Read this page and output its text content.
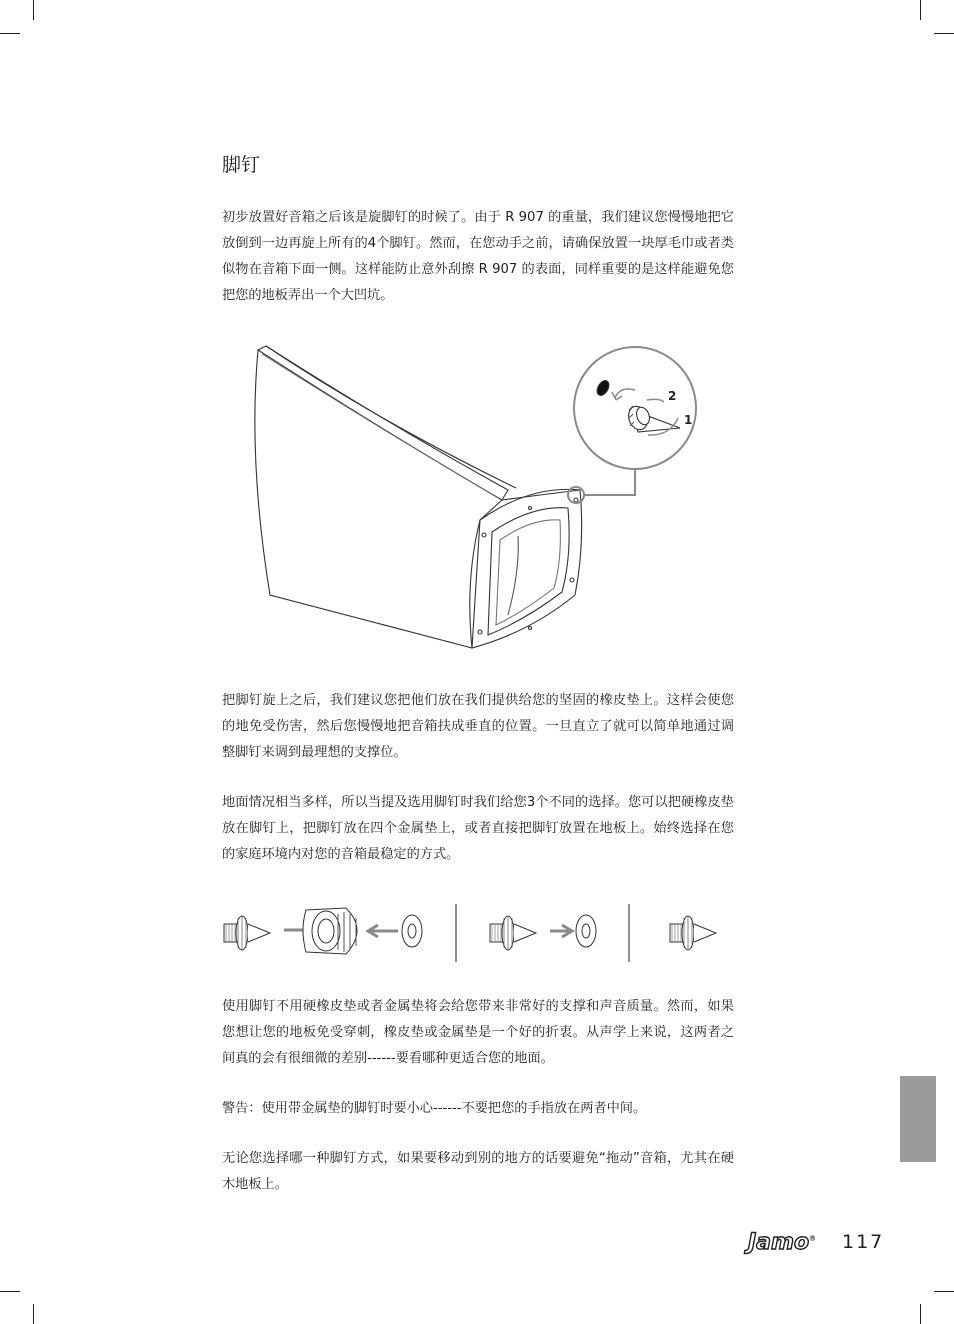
脚钉

初步放置好音箱之后该是旋脚钉的时候了。由于 R 907 的重量，我们建议您慢慢地把它放倒到一边再旋上所有的4个脚钉。然而，在您动手之前，请确保放置一块厚毛巾或者类似物在音箱下面一侧。这样能防止意外刮擦 R 907 的表面，同样重要的是这样能避免您把您的地板弄出一个大凹坑。

2
1

把脚钉旋上之后，我们建议您把他们放在我们提供给您的坚固的橡皮垫上。这样会使您的地免受伤害，然后您慢慢地把音箱扶成垂直的位置。一旦直立了就可以简单地通过调整脚钉来调到最理想的支撑位。

地面情况相当多样，所以当提及选用脚钉时我们给您3个不同的选择。您可以把硬橡皮垫放在脚钉上，把脚钉放在四个金属垫上，或者直接把脚钉放置在地板上。始终选择在您的家庭环境内对您的音箱最稳定的方式。

使用脚钉不用硬橡皮垫或者金属垫将会给您带来非常好的支撑和声音质量。然而，如果您想让您的地板免受穿刺，橡皮垫或金属垫是一个好的折衷。从声学上来说，这两者之间真的会有很细微的差别------要看哪种更适合您的地面。

警告：使用带金属垫的脚钉时要小心------不要把您的手指放在两者中间。

无论您选择哪一种脚钉方式，如果要移动到别的地方的话要避免“拖动”音箱，尤其在硬木地板上。

Jamo® 117
